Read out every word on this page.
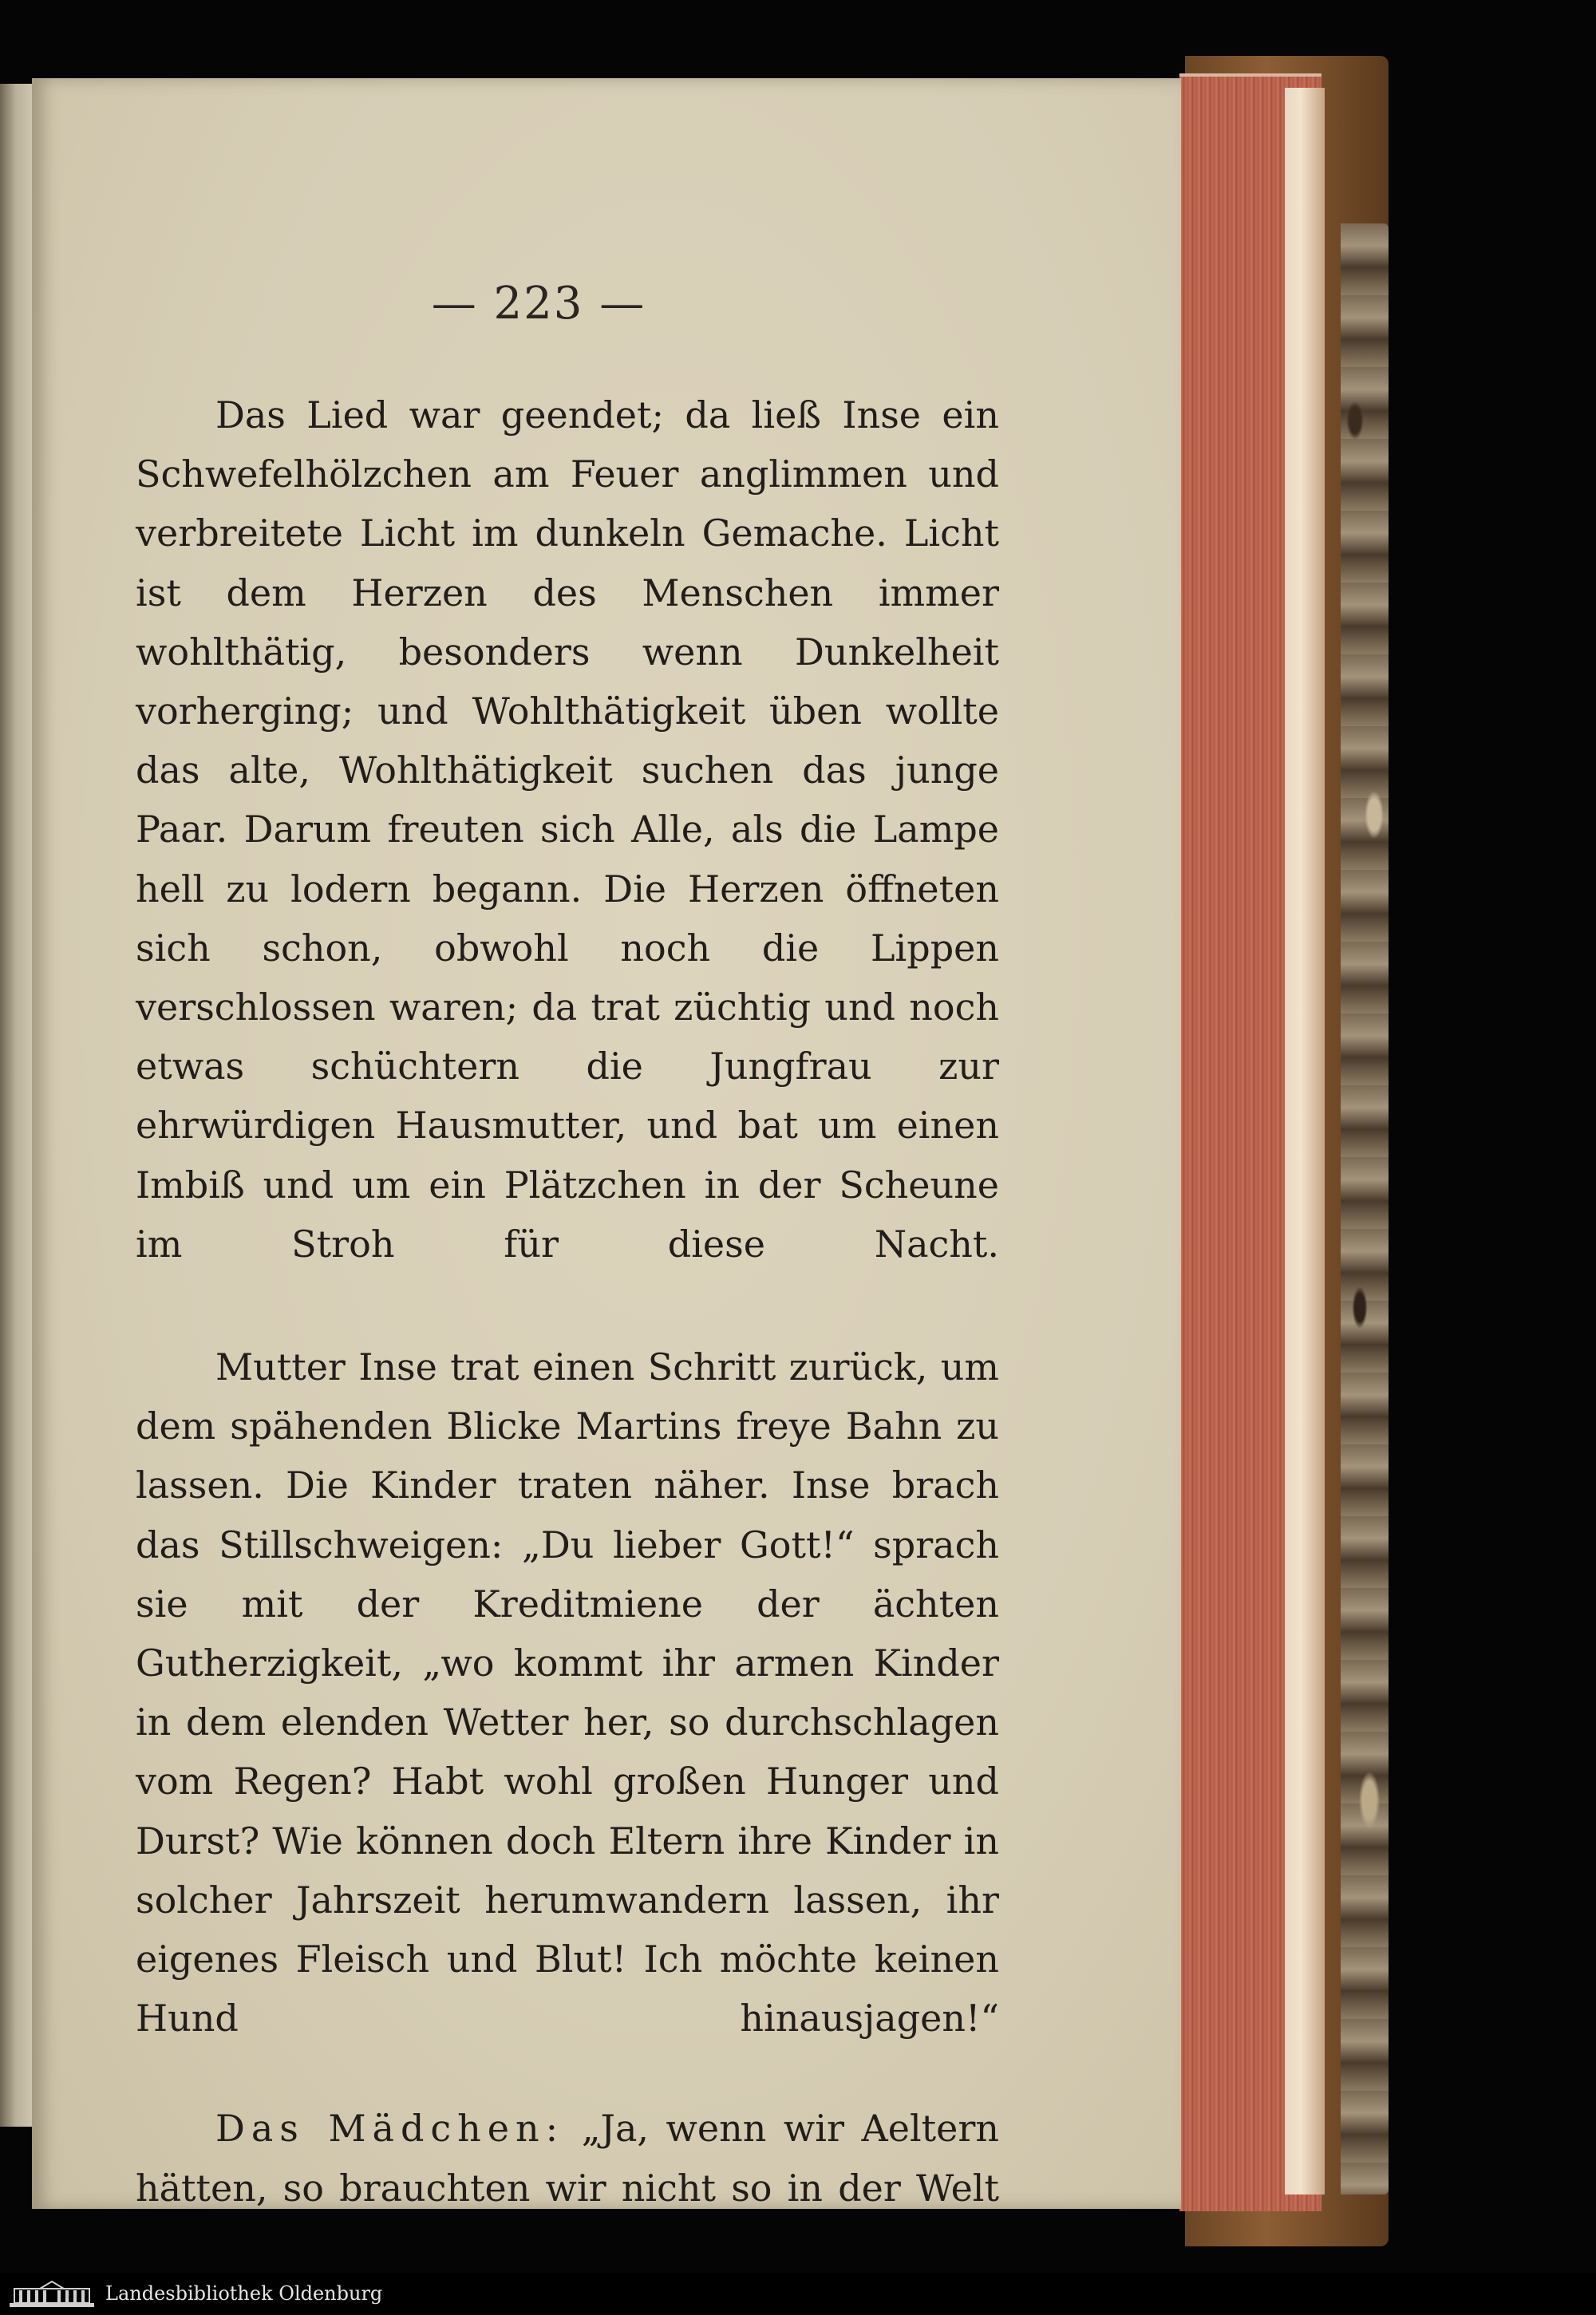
— 223 —

Das Lied war geendet; da ließ Inse ein Schwefelhölzchen am Feuer anglimmen und verbreitete Licht im dunkeln Gemache. Licht ist dem Herzen des Menschen immer wohlthätig, besonders wenn Dunkelheit vorherging; und Wohlthätigkeit üben wollte das alte, Wohlthätigkeit suchen das junge Paar. Darum freuten sich Alle, als die Lampe hell zu lodern begann. Die Herzen öffneten sich schon, obwohl noch die Lippen verschlossen waren; da trat züchtig und noch etwas schüchtern die Jungfrau zur ehrwürdigen Hausmutter, und bat um einen Imbiß und um ein Plätzchen in der Scheune im Stroh für diese Nacht.

Mutter Inse trat einen Schritt zurück, um dem spähenden Blicke Martins freye Bahn zu lassen. Die Kinder traten näher. Inse brach das Stillschweigen: „Du lieber Gott!“ sprach sie mit der Kreditmiene der ächten Gutherzigkeit, „wo kommt ihr armen Kinder in dem elenden Wetter her, so durchschlagen vom Regen? Habt wohl großen Hunger und Durst? Wie können doch Eltern ihre Kinder in solcher Jahrszeit herumwandern lassen, ihr eigenes Fleisch und Blut! Ich möchte keinen Hund hinausjagen!“

Das Mädchen: „Ja, wenn wir Aeltern hätten, so brauchten wir nicht so in der Welt

Landesbibliothek Oldenburg
